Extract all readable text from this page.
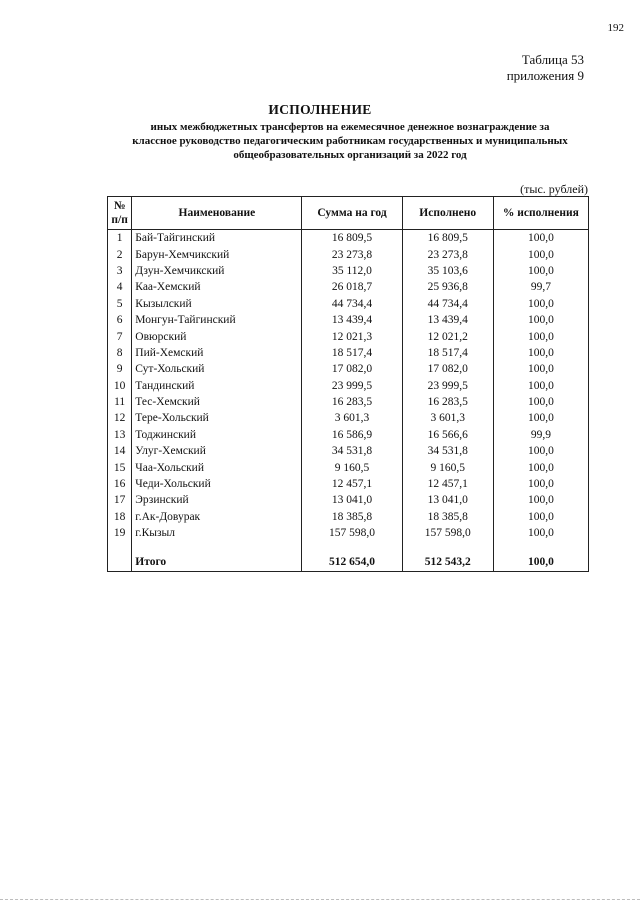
192
Таблица 53
приложения 9
ИСПОЛНЕНИЕ
иных межбюджетных трансфертов на ежемесячное денежное вознаграждение за
классное руководство педагогическим работникам государственных и муниципальных
общеобразовательных организаций за 2022 год
(тыс. рублей)
№
п/п	Наименование	Сумма на год	Исполнено	% исполнения
1	Бай-Тайгинский	16 809,5	16 809,5	100,0
2	Барун-Хемчикский	23 273,8	23 273,8	100,0
3	Дзун-Хемчикский	35 112,0	35 103,6	100,0
4	Каа-Хемский	26 018,7	25 936,8	99,7
5	Кызылский	44 734,4	44 734,4	100,0
6	Монгун-Тайгинский	13 439,4	13 439,4	100,0
7	Овюрский	12 021,3	12 021,2	100,0
8	Пий-Хемский	18 517,4	18 517,4	100,0
9	Сут-Хольский	17 082,0	17 082,0	100,0
10	Тандинский	23 999,5	23 999,5	100,0
11	Тес-Хемский	16 283,5	16 283,5	100,0
12	Тере-Хольский	3 601,3	3 601,3	100,0
13	Тоджинский	16 586,9	16 566,6	99,9
14	Улуг-Хемский	34 531,8	34 531,8	100,0
15	Чаа-Хольский	9 160,5	9 160,5	100,0
16	Чеди-Хольский	12 457,1	12 457,1	100,0
17	Эрзинский	13 041,0	13 041,0	100,0
18	г.Ак-Довурак	18 385,8	18 385,8	100,0
19	г.Кызыл	157 598,0	157 598,0	100,0

	Итого	512 654,0	512 543,2	100,0
